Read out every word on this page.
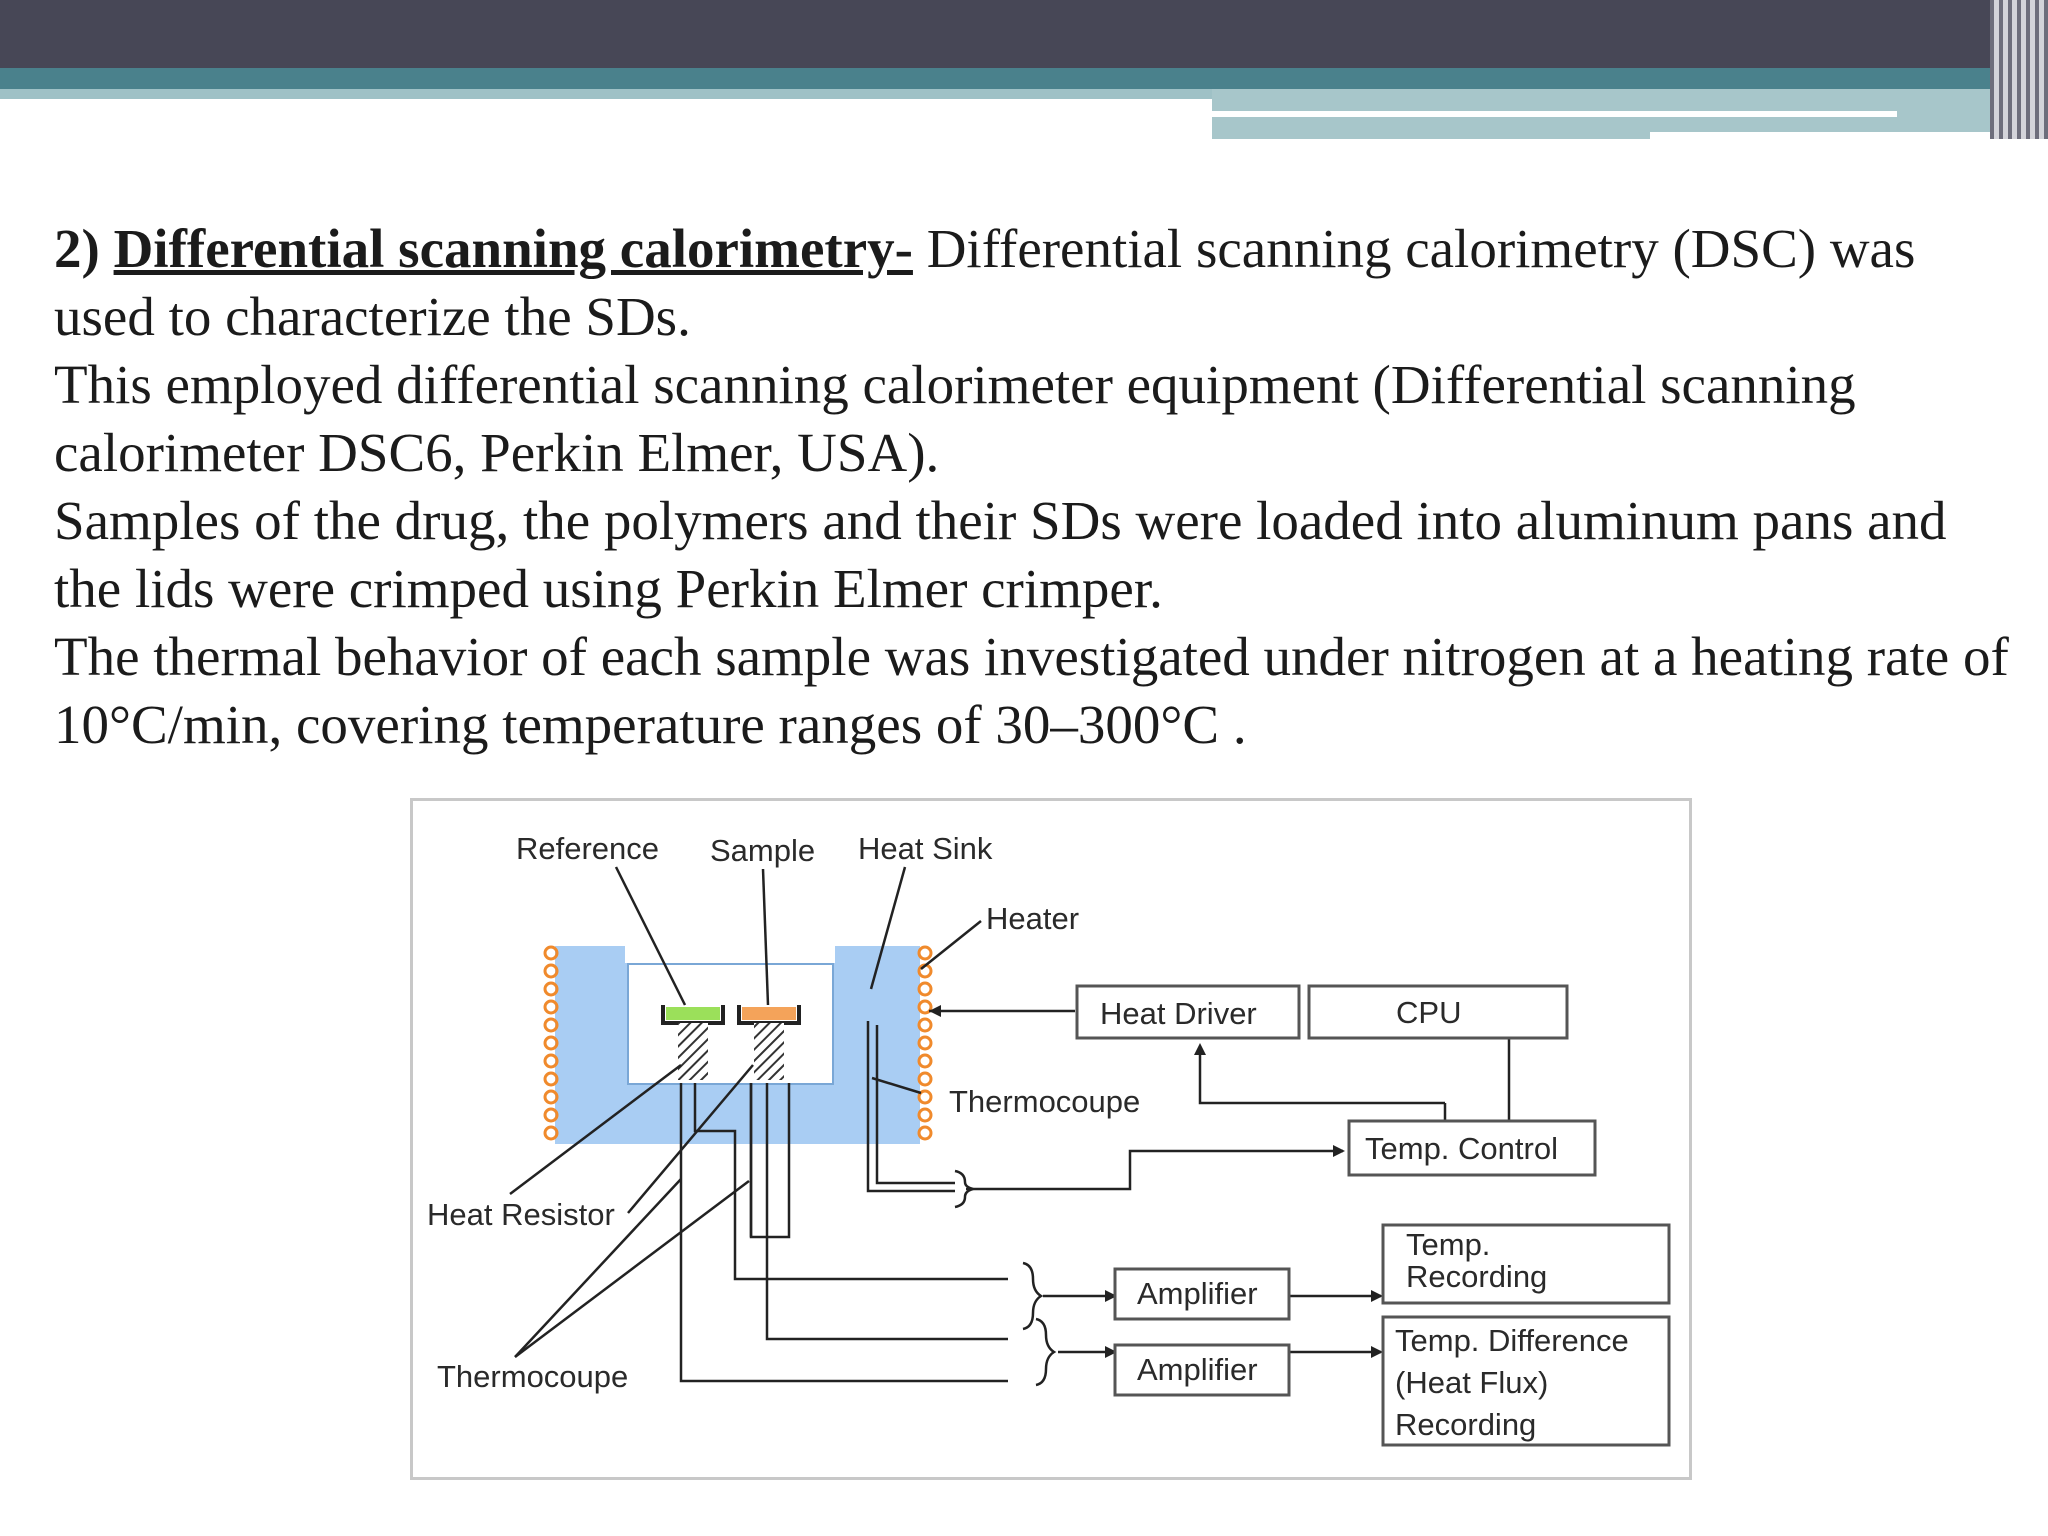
2) Differential scanning calorimetry- Differential scanning calorimetry (DSC) was used to characterize the SDs.

This employed differential scanning calorimeter equipment (Differential scanning calorimeter DSC6, Perkin Elmer, USA).

Samples of the drug, the polymers and their SDs were loaded into aluminum pans and the lids were crimped using Perkin Elmer crimper.

The thermal behavior of each sample was investigated under nitrogen at a heating rate of 10°C/min, covering temperature ranges of 30–300°C .

Reference Sample Heat Sink
Heater
Heat Driver	CPU
Thermocoupe
Temp. Control
Heat Resistor
Temp.
Recording
Amplifier
Amplifier
Thermocoupe
Temp. Difference
(Heat Flux)
Recording
